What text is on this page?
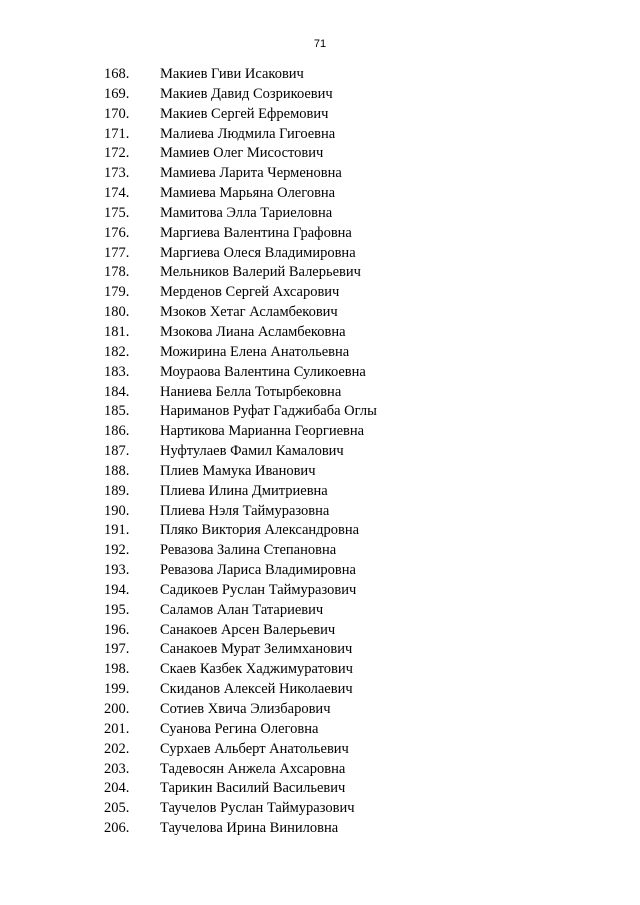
71
168. Макиев Гиви Исакович
169. Макиев Давид Созрикоевич
170. Макиев Сергей Ефремович
171. Малиева Людмила Гигоевна
172. Мамиев Олег Мисостович
173. Мамиева Ларита Черменовна
174. Мамиева Марьяна Олеговна
175. Мамитова Элла Тариеловна
176. Маргиева Валентина Графовна
177. Маргиева Олеся Владимировна
178. Мельников Валерий Валерьевич
179. Мерденов Сергей Ахсарович
180. Мзоков Хетаг Асламбекович
181. Мзокова Лиана Асламбековна
182. Можирина Елена Анатольевна
183. Моураова Валентина Суликоевна
184. Наниева Белла Тотырбековна
185. Нариманов Руфат Гаджибаба Оглы
186. Нартикова Марианна Георгиевна
187. Нуфтулаев Фамил Камалович
188. Плиев Мамука Иванович
189. Плиева Илина Дмитриевна
190. Плиева Нэля Таймуразовна
191. Пляко Виктория Александровна
192. Ревазова Залина Степановна
193. Ревазова Лариса Владимировна
194. Садикоев Руслан Таймуразович
195. Саламов Алан Татариевич
196. Санакоев Арсен Валерьевич
197. Санакоев Мурат Зелимханович
198. Скаев Казбек Хаджимуратович
199. Скиданов Алексей Николаевич
200. Сотиев Хвича Элизбарович
201. Суанова Регина Олеговна
202. Сурхаев Альберт Анатольевич
203. Тадевосян Анжела Ахсаровна
204. Тарикин Василий Васильевич
205. Таучелов Руслан Таймуразович
206. Таучелова Ирина Виниловна
